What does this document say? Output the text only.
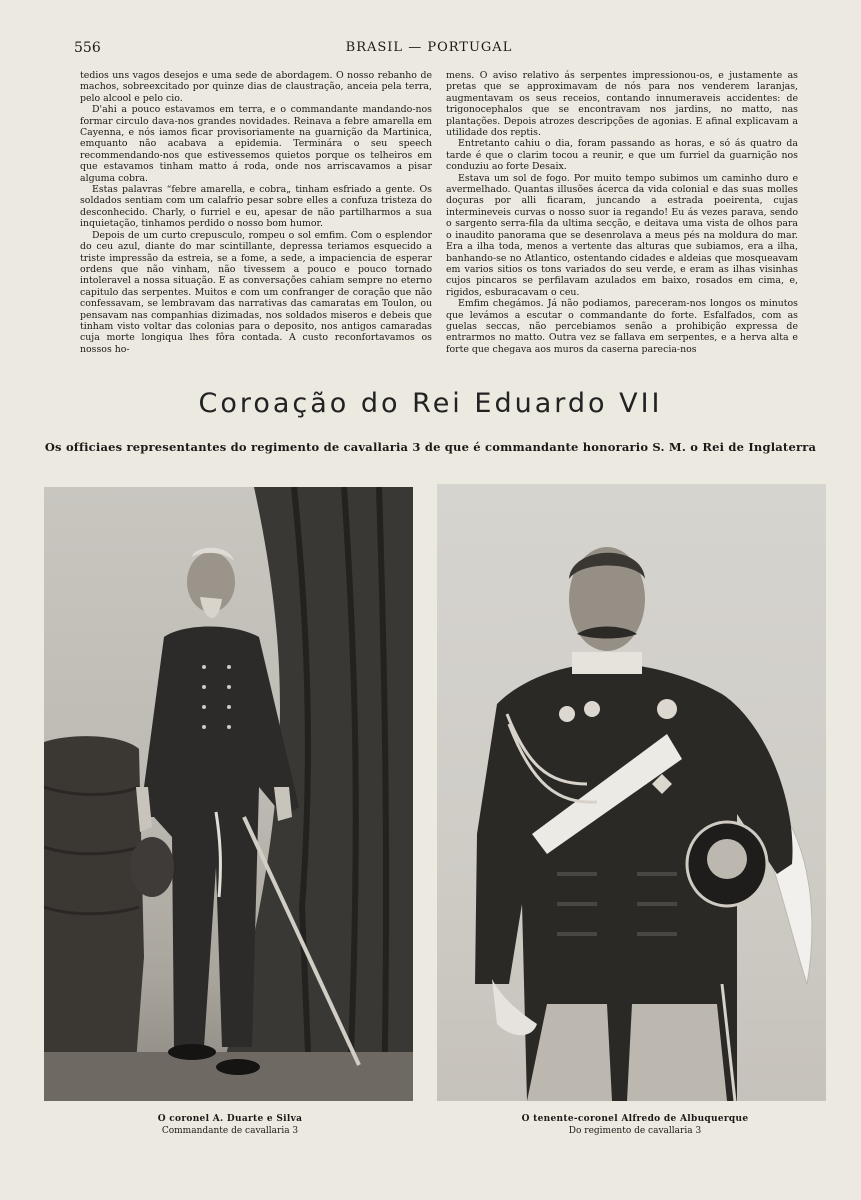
556	BRASIL — PORTUGAL

tedios uns vagos desejos e uma sede de abordagem. O nosso rebanho de machos, sobreexcitado por quinze dias de claustração, anceia pela terra, pelo alcool e pelo cio.

D'ahi a pouco estavamos em terra, e o commandante mandando-nos formar circulo dava-nos grandes novidades. Reinava a febre amarella em Cayenna, e nós iamos ficar provisoriamente na guarnição da Martinica, emquanto não acabava a epidemia. Terminára o seu speech recommendando-nos que estivessemos quietos porque os telheiros em que estavamos tinham matto á roda, onde nos arriscavamos a pisar alguma cobra.

Estas palavras “febre amarella, e cobra„ tinham esfriado a gente. Os soldados sentiam com um calafrio pesar sobre elles a confuza tristeza do desconhecido. Charly, o furriel e eu, apesar de não partilharmos a sua inquietação, tinhamos perdido o nosso bom humor.

Depois de um curto crepusculo, rompeu o sol emfim. Com o esplendor do ceu azul, diante do mar scintillante, depressa teriamos esquecido a triste impressão da estreia, se a fome, a sede, a impaciencia de esperar ordens que não vinham, não tivessem a pouco e pouco tornado intoleravel a nossa situação. E as conversações cahiam sempre no eterno capitulo das serpentes. Muitos e com um confranger de coração que não confessavam, se lembravam das narrativas das camaratas em Toulon, ou pensavam nas companhias dizimadas, nos soldados miseros e debeis que tinham visto voltar das colonias para o deposito, nos antigos camaradas cuja morte longiqua lhes fôra contada. A custo reconfortavamos os nossos ho-

mens. O aviso relativo ás serpentes impressionou-os, e justamente as pretas que se approximavam de nós para nos venderem laranjas, augmentavam os seus receios, contando innumeraveis accidentes: de trigonocephalos que se encontravam nos jardins, no matto, nas plantações. Depois atrozes descripções de agonias. E afinal explicavam a utilidade dos reptis.

Entretanto cahiu o dia, foram passando as horas, e só ás quatro da tarde é que o clarim tocou a reunir, e que um furriel da guarnição nos conduziu ao forte Desaix.

Estava um sol de fogo. Por muito tempo subimos um caminho duro e avermelhado. Quantas illusões ácerca da vida colonial e das suas molles doçuras por alli ficaram, juncando a estrada poeirenta, cujas intermineveis curvas o nosso suor ia regando! Eu ás vezes parava, sendo o sargento serra-fila da ultima secção, e deitava uma vista de olhos para o inaudito panorama que se desenrolava a meus pés na moldura do mar. Era a ilha toda, menos a vertente das alturas que subiamos, era a ilha, banhando-se no Atlantico, ostentando cidades e aldeias que mosqueavam em varios sitios os tons variados do seu verde, e eram as ilhas visinhas cujos pincaros se perfilavam azulados em baixo, rosados em cima, e, rigidos, esburacavam o ceu.

Emfim chegámos. Já não podiamos, pareceram-nos longos os minutos que levámos a escutar o commandante do forte. Esfalfados, com as guelas seccas, não percebiamos senão a prohibição expressa de entrarmos no matto. Outra vez se fallava em serpentes, e a herva alta e forte que chegava aos muros da caserna parecia-nos

Coroação do Rei Eduardo VII
Os officiaes representantes do regimento de cavallaria 3 de que é commandante honorario S. M. o Rei de Inglaterra
O coronel A. Duarte e Silva
Commandante de cavallaria 3
O tenente-coronel Alfredo de Albuquerque
Do regimento de cavallaria 3
